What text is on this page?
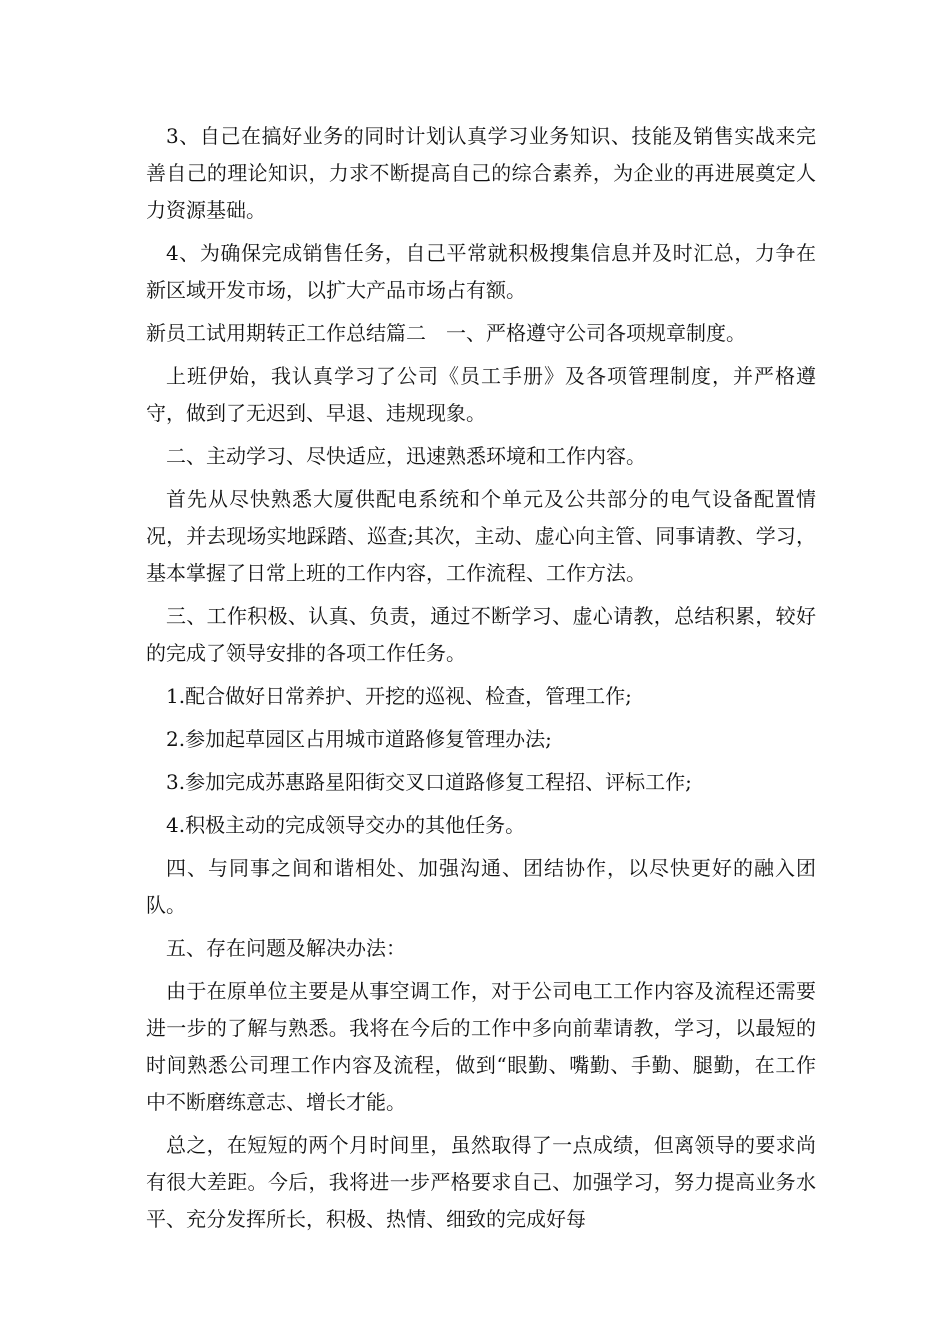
3、自己在搞好业务的同时计划认真学习业务知识、技能及销售实战来完善自己的理论知识，力求不断提高自己的综合素养，为企业的再进展奠定人力资源基础。

4、为确保完成销售任务，自己平常就积极搜集信息并及时汇总，力争在新区域开发市场，以扩大产品市场占有额。

新员工试用期转正工作总结篇二　一、严格遵守公司各项规章制度。

上班伊始，我认真学习了公司《员工手册》及各项管理制度，并严格遵守，做到了无迟到、早退、违规现象。

二、主动学习、尽快适应，迅速熟悉环境和工作内容。

首先从尽快熟悉大厦供配电系统和个单元及公共部分的电气设备配置情况，并去现场实地踩踏、巡查;其次，主动、虚心向主管、同事请教、学习，基本掌握了日常上班的工作内容，工作流程、工作方法。

三、工作积极、认真、负责，通过不断学习、虚心请教，总结积累，较好的完成了领导安排的各项工作任务。

1.配合做好日常养护、开挖的巡视、检查，管理工作;

2.参加起草园区占用城市道路修复管理办法;

3.参加完成苏惠路星阳街交叉口道路修复工程招、评标工作;

4.积极主动的完成领导交办的其他任务。

四、与同事之间和谐相处、加强沟通、团结协作，以尽快更好的融入团队。

五、存在问题及解决办法：

由于在原单位主要是从事空调工作，对于公司电工工作内容及流程还需要进一步的了解与熟悉。我将在今后的工作中多向前辈请教，学习，以最短的时间熟悉公司理工作内容及流程，做到“眼勤、嘴勤、手勤、腿勤，在工作中不断磨练意志、增长才能。

总之，在短短的两个月时间里，虽然取得了一点成绩，但离领导的要求尚有很大差距。今后，我将进一步严格要求自己、加强学习，努力提高业务水平、充分发挥所长，积极、热情、细致的完成好每
